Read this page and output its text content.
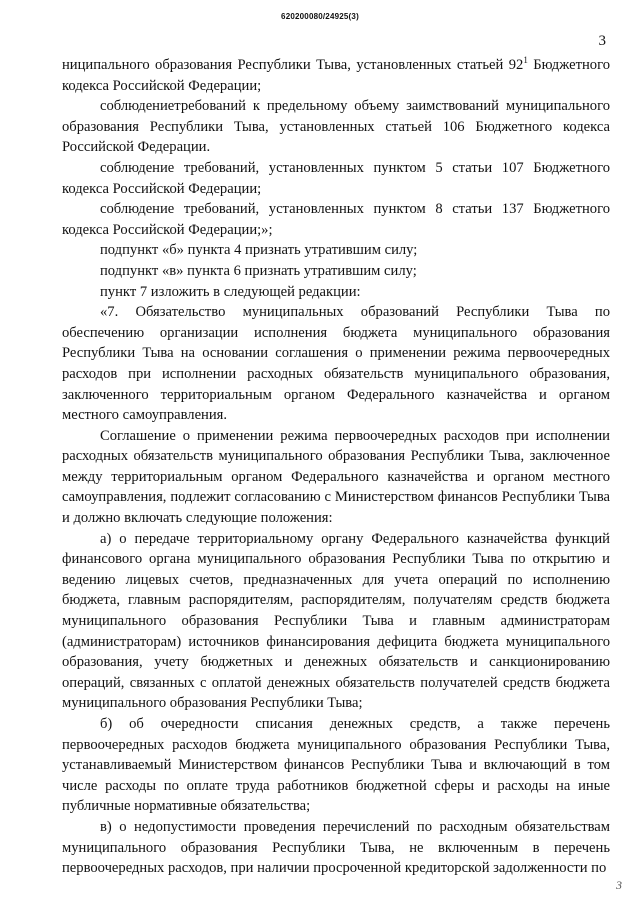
620200080/24925(3)
3

ниципального образования Республики Тыва, установленных статьей $92^1$ Бюджетного кодекса Российской Федерации;

соблюдениетребований к предельному объему заимствований муниципального образования Республики Тыва, установленных статьей 106 Бюджетного кодекса Российской Федерации.

соблюдение требований, установленных пунктом 5 статьи 107 Бюджетного кодекса Российской Федерации;

соблюдение требований, установленных пунктом 8 статьи 137 Бюджетного кодекса Российской Федерации;»;

подпункт «б» пункта 4 признать утратившим силу;

подпункт «в» пункта 6 признать утратившим силу;

пункт 7 изложить в следующей редакции:

«7. Обязательство муниципальных образований Республики Тыва по обеспечению организации исполнения бюджета муниципального образования Республики Тыва на основании соглашения о применении режима первоочередных расходов при исполнении расходных обязательств муниципального образования, заключенного территориальным органом Федерального казначейства и органом местного самоуправления.

Соглашение о применении режима первоочередных расходов при исполнении расходных обязательств муниципального образования Республики Тыва, заключенное между территориальным органом Федерального казначейства и органом местного самоуправления, подлежит согласованию с Министерством финансов Республики Тыва и должно включать следующие положения:

а) о передаче территориальному органу Федерального казначейства функций финансового органа муниципального образования Республики Тыва по открытию и ведению лицевых счетов, предназначенных для учета операций по исполнению бюджета, главным распорядителям, распорядителям, получателям средств бюджета муниципального образования Республики Тыва и главным администраторам (администраторам) источников финансирования дефицита бюджета муниципального образования, учету бюджетных и денежных обязательств и санкционированию операций, связанных с оплатой денежных обязательств получателей средств бюджета муниципального образования Республики Тыва;

б) об очередности списания денежных средств, а также перечень первоочередных расходов бюджета муниципального образования Республики Тыва, устанавливаемый Министерством финансов Республики Тыва и включающий в том числе расходы по оплате труда работников бюджетной сферы и расходы на иные публичные нормативные обязательства;

в) о недопустимости проведения перечислений по расходным обязательствам муниципального образования Республики Тыва, не включенным в перечень первоочередных расходов, при наличии просроченной кредиторской задолженности по

3
